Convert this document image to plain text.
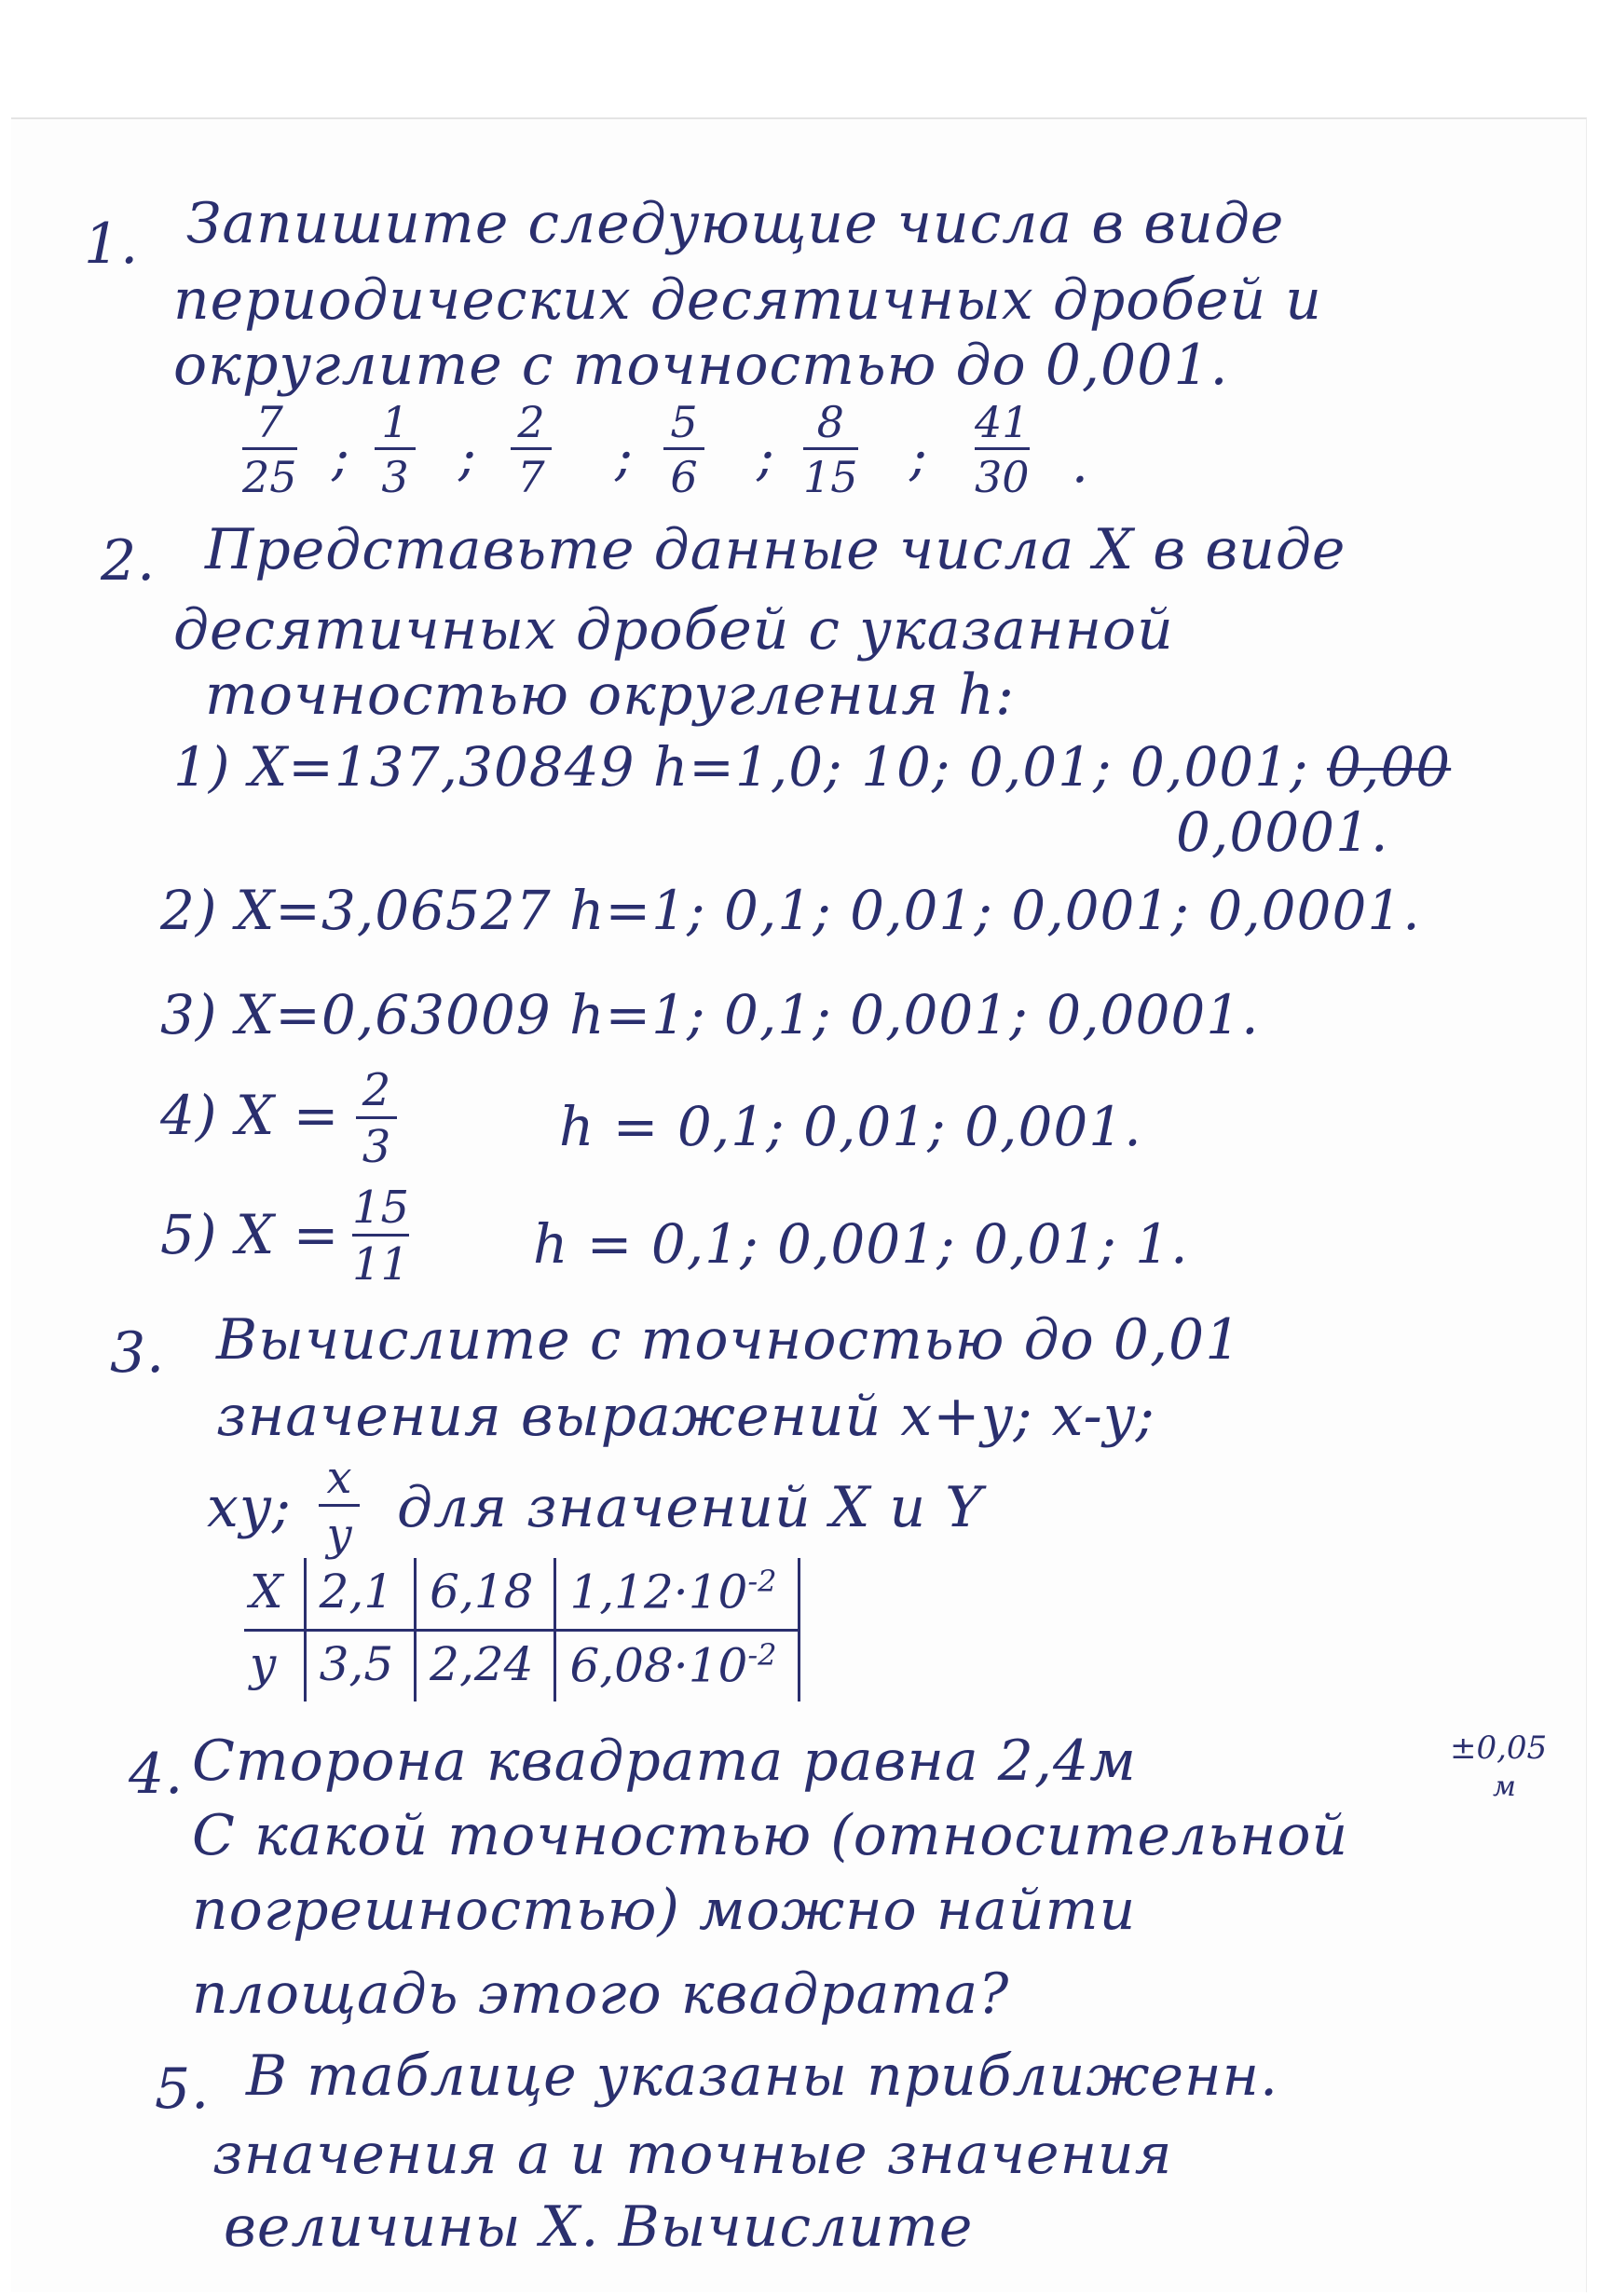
1. Запишите следующие числа в виде
периодических десятичных дробей и
округлите с точностью до 0,001.
7
25 ;
1
3 ;
2
7 ;
5
6 ;
8
15 ;
41
30 .
2. Представьте данные числа X в виде
десятичных дробей с указанной
точностью округления h:
1) X=137,30849 h=1,0; 10; 0,01; 0,001; 0,00
0,0001.
2) X=3,06527 h=1; 0,1; 0,01; 0,001; 0,0001.
3) X=0,63009 h=1; 0,1; 0,001; 0,0001.
4) X = 2
3	h = 0,1; 0,01; 0,001.
5) X = 15
11 h = 0,1; 0,001; 0,01; 1.
3. Вычислите с точностью до 0,01
значения выражений x+y; x-y;
xy; x
y для значений X и Y
X	2,1	6,18	$1,12\cdot 10^{-2}$
y	3,5	2,24	$6,08\cdot 10^{-2}$
4. Сторона квадрата равна 2,4м	±0,05
м
С какой точностью (относительной
погрешностью) можно найти
площадь этого квадрата?
5. В таблице указаны приближенн.
значения а и точные значения
величины X. Вычислите
